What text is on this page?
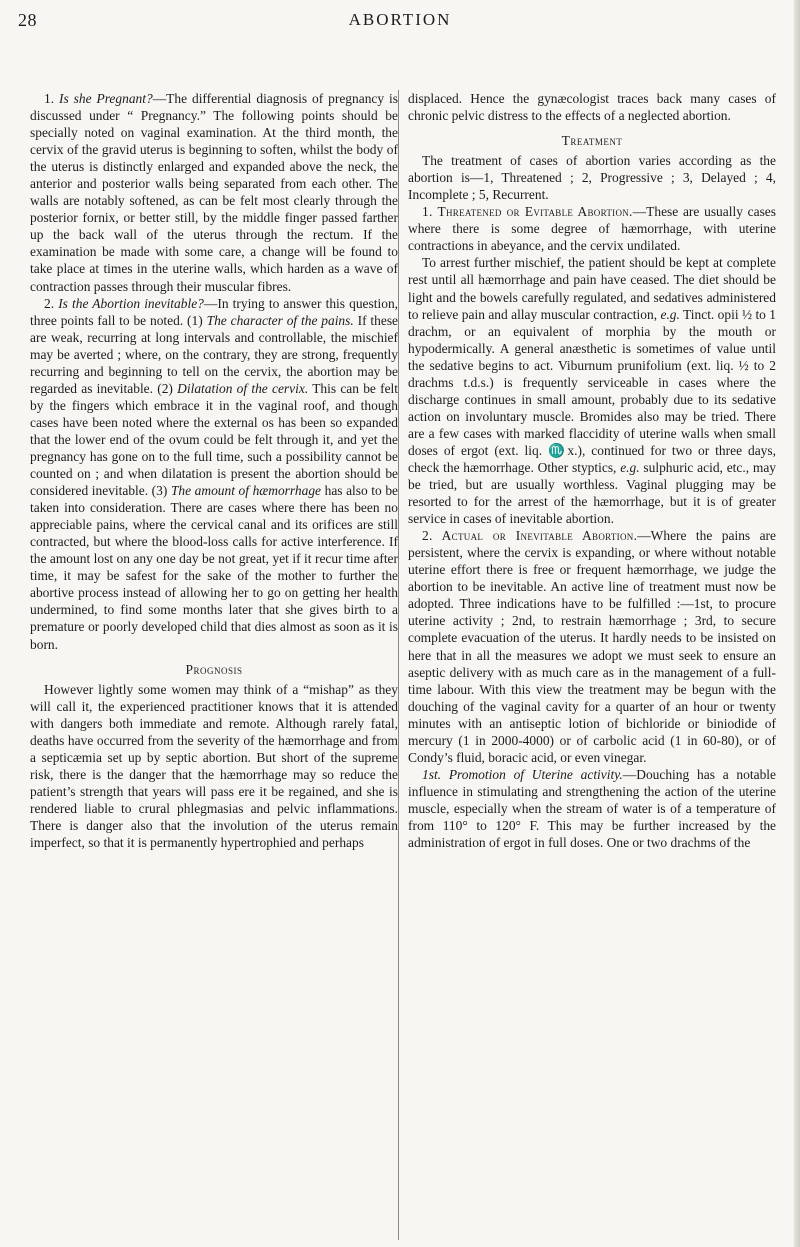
28	ABORTION

1. Is she Pregnant?—The differential diagnosis of pregnancy is discussed under “ Pregnancy.” The following points should be specially noted on vaginal examination. At the third month, the cervix of the gravid uterus is beginning to soften, whilst the body of the uterus is distinctly enlarged and expanded above the neck, the anterior and posterior walls being separated from each other. The walls are notably softened, as can be felt most clearly through the posterior fornix, or better still, by the middle finger passed farther up the back wall of the uterus through the rectum. If the examination be made with some care, a change will be found to take place at times in the uterine walls, which harden as a wave of contraction passes through their muscular fibres.

2. Is the Abortion inevitable?—In trying to answer this question, three points fall to be noted. (1) The character of the pains. If these are weak, recurring at long intervals and controllable, the mischief may be averted ; where, on the contrary, they are strong, frequently recurring and beginning to tell on the cervix, the abortion may be regarded as inevitable. (2) Dilatation of the cervix. This can be felt by the fingers which embrace it in the vaginal roof, and though cases have been noted where the external os has been so expanded that the lower end of the ovum could be felt through it, and yet the pregnancy has gone on to the full time, such a possibility cannot be counted on ; and when dilatation is present the abortion should be considered inevitable. (3) The amount of hæmorrhage has also to be taken into consideration. There are cases where there has been no appreciable pains, where the cervical canal and its orifices are still contracted, but where the blood-loss calls for active interference. If the amount lost on any one day be not great, yet if it recur time after time, it may be safest for the sake of the mother to further the abortive process instead of allowing her to go on getting her health undermined, to find some months later that she gives birth to a premature or poorly developed child that dies almost as soon as it is born.

Prognosis

However lightly some women may think of a “mishap” as they will call it, the experienced practitioner knows that it is attended with dangers both immediate and remote. Although rarely fatal, deaths have occurred from the severity of the hæmorrhage and from a septicæmia set up by septic abortion. But short of the supreme risk, there is the danger that the hæmorrhage may so reduce the patient’s strength that years will pass ere it be regained, and she is rendered liable to crural phlegmasias and pelvic inflammations. There is danger also that the involution of the uterus remain imperfect, so that it is permanently hypertrophied and perhaps

displaced. Hence the gynæcologist traces back many cases of chronic pelvic distress to the effects of a neglected abortion.

Treatment

The treatment of cases of abortion varies according as the abortion is—1, Threatened ; 2, Progressive ; 3, Delayed ; 4, Incomplete ; 5, Recurrent.

1. Threatened or Evitable Abortion.—These are usually cases where there is some degree of hæmorrhage, with uterine contractions in abeyance, and the cervix undilated.

To arrest further mischief, the patient should be kept at complete rest until all hæmorrhage and pain have ceased. The diet should be light and the bowels carefully regulated, and sedatives administered to relieve pain and allay muscular contraction, e.g. Tinct. opii ½ to 1 drachm, or an equivalent of morphia by the mouth or hypodermically. A general anæsthetic is sometimes of value until the sedative begins to act. Viburnum prunifolium (ext. liq. ½ to 2 drachms t.d.s.) is frequently serviceable in cases where the discharge continues in small amount, probably due to its sedative action on involuntary muscle. Bromides also may be tried. There are a few cases with marked flaccidity of uterine walls when small doses of ergot (ext. liq. ♏x.), continued for two or three days, check the hæmorrhage. Other styptics, e.g. sulphuric acid, etc., may be tried, but are usually worthless. Vaginal plugging may be resorted to for the arrest of the hæmorrhage, but it is of greater service in cases of inevitable abortion.

2. Actual or Inevitable Abortion.—Where the pains are persistent, where the cervix is expanding, or where without notable uterine effort there is free or frequent hæmorrhage, we judge the abortion to be inevitable. An active line of treatment must now be adopted. Three indications have to be fulfilled :—1st, to procure uterine activity ; 2nd, to restrain hæmorrhage ; 3rd, to secure complete evacuation of the uterus. It hardly needs to be insisted on here that in all the measures we adopt we must seek to ensure an aseptic delivery with as much care as in the management of a full-time labour. With this view the treatment may be begun with the douching of the vaginal cavity for a quarter of an hour or twenty minutes with an antiseptic lotion of bichloride or biniodide of mercury (1 in 2000-4000) or of carbolic acid (1 in 60-80), or of Condy’s fluid, boracic acid, or even vinegar.

1st. Promotion of Uterine activity.—Douching has a notable influence in stimulating and strengthening the action of the uterine muscle, especially when the stream of water is of a temperature of from 110° to 120° F. This may be further increased by the administration of ergot in full doses. One or two drachms of the
